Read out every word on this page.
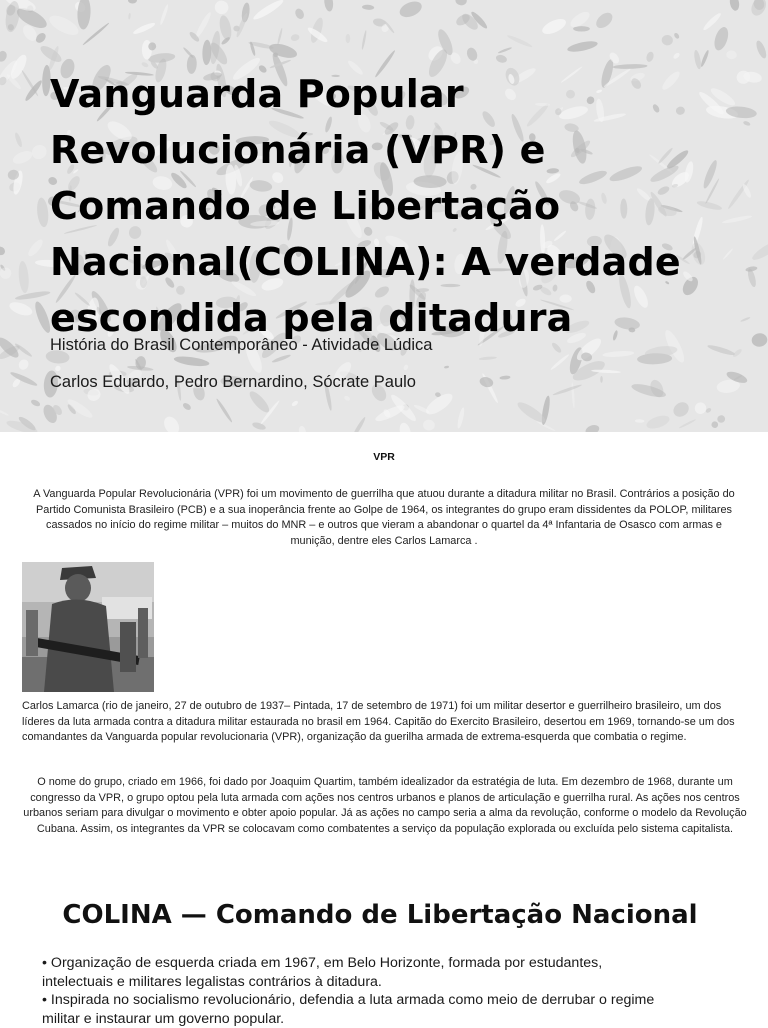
Vanguarda Popular Revolucionária (VPR) e Comando de Libertação Nacional(COLINA): A verdade escondida pela ditadura

História do Brasil Contemporâneo - Atividade Lúdica

Carlos Eduardo, Pedro Bernardino, Sócrate Paulo

VPR

A Vanguarda Popular Revolucionária (VPR) foi um movimento de guerrilha que atuou durante a ditadura militar no Brasil. Contrários a posição do Partido Comunista Brasileiro (PCB) e a sua inoperância frente ao Golpe de 1964, os integrantes do grupo eram dissidentes da POLOP, militares cassados no início do regime militar – muitos do MNR – e outros que vieram a abandonar o quartel da 4ª Infantaria de Osasco com armas e munição, dentre eles Carlos Lamarca .

Carlos Lamarca (rio de janeiro, 27 de outubro de 1937– Pintada, 17 de setembro de 1971) foi um militar desertor e guerrilheiro brasileiro, um dos líderes da luta armada contra a ditadura militar estaurada no brasil em 1964. Capitão do Exercito Brasileiro, desertou em 1969, tornando-se um dos comandantes da Vanguarda popular revolucionaria (VPR), organização da guerilha armada de extrema-esquerda que combatia o regime.

O nome do grupo, criado em 1966, foi dado por Joaquim Quartim, também idealizador da estratégia de luta. Em dezembro de 1968, durante um congresso da VPR, o grupo optou pela luta armada com ações nos centros urbanos e planos de articulação e guerrilha rural. As ações nos centros urbanos seriam para divulgar o movimento e obter apoio popular. Já as ações no campo seria a alma da revolução, conforme o modelo da Revolução Cubana. Assim, os integrantes da VPR se colocavam como combatentes a serviço da população explorada ou excluída pelo sistema capitalista.

COLINA — Comando de Libertação Nacional
• Organização de esquerda criada em 1967, em Belo Horizonte, formada por estudantes, intelectuais e militares legalistas contrários à ditadura.
• Inspirada no socialismo revolucionário, defendia a luta armada como meio de derrubar o regime militar e instaurar um governo popular.
